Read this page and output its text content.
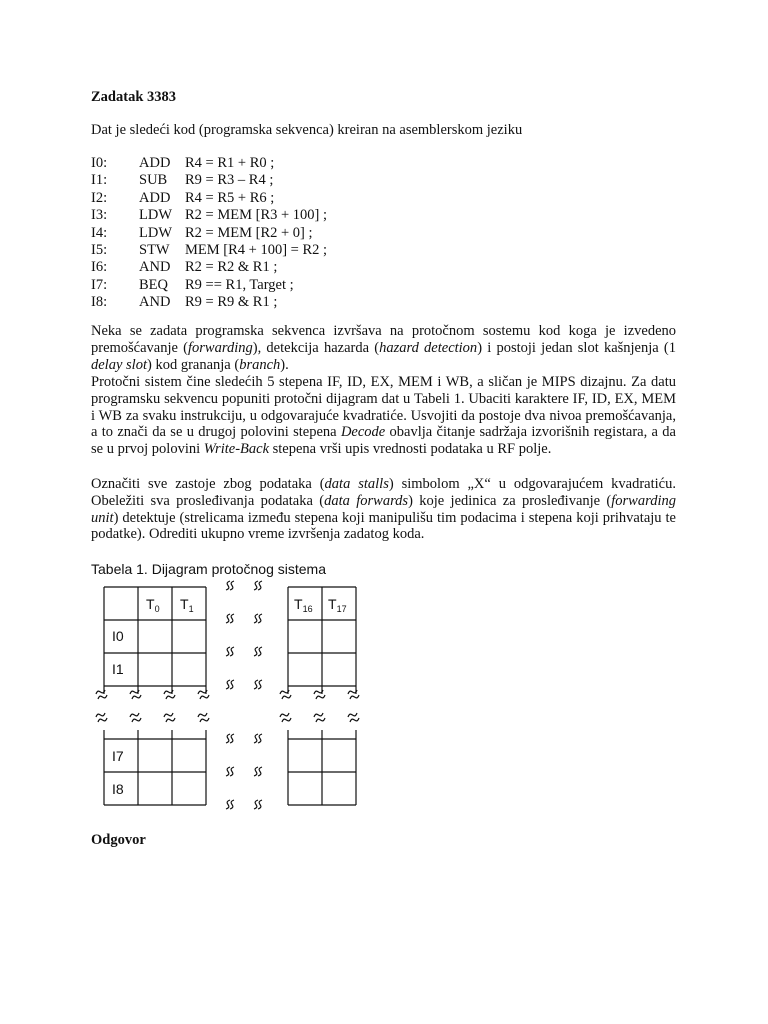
Zadatak 3383
Dat je sledeći kod (programska sekvenca) kreiran na asemblerskom jeziku
I0: ADD R4 = R1 + R0 ;
I1: SUB R9 = R3 – R4 ;
I2: ADD R4 = R5 + R6 ;
I3: LDW R2 = MEM [R3 + 100] ;
I4: LDW R2 = MEM [R2 + 0] ;
I5: STW MEM [R4 + 100] = R2 ;
I6: AND R2 = R2 & R1 ;
I7: BEQ R9 == R1, Target ;
I8: AND R9 = R9 & R1 ;

Neka se zadata programska sekvenca izvršava na protočnom sostemu kod koga je izvedeno premošćavanje (forwarding), detekcija hazarda (hazard detection) i postoji jedan slot kašnjenja (1 delay slot) kod grananja (branch).

Protočni sistem čine sledećih 5 stepena IF, ID, EX, MEM i WB, a sličan je MIPS dizajnu. Za datu programsku sekvencu popuniti protočni dijagram dat u Tabeli 1. Ubaciti karaktere IF, ID, EX, MEM i WB za svaku instrukciju, u odgovarajuće kvadratiće. Usvojiti da postoje dva nivoa premošćavanja, a to znači da se u drugoj polovini stepena Decode obavlja čitanje sadržaja izvorišnih registara, a da se u prvoj polovini Write-Back stepena vrši upis vrednosti podataka u RF polje.

Označiti sve zastoje zbog podataka (data stalls) simbolom „X“ u odgovarajućem kvadratiću. Obeležiti sva prosleđivanja podataka (data forwards) koje jedinica za prosleđivanje (forwarding unit) detektuje (strelicama između stepena koji manipulišu tim podacima i stepena koji prihvataju te podatke). Odrediti ukupno vreme izvršenja zadatog koda.

Tabela 1. Dijagram protočnog sistema
$T_0$ $T_1$	$T_{16}$ $T_{17}$
I0
I1
I7
I8
Odgovor
